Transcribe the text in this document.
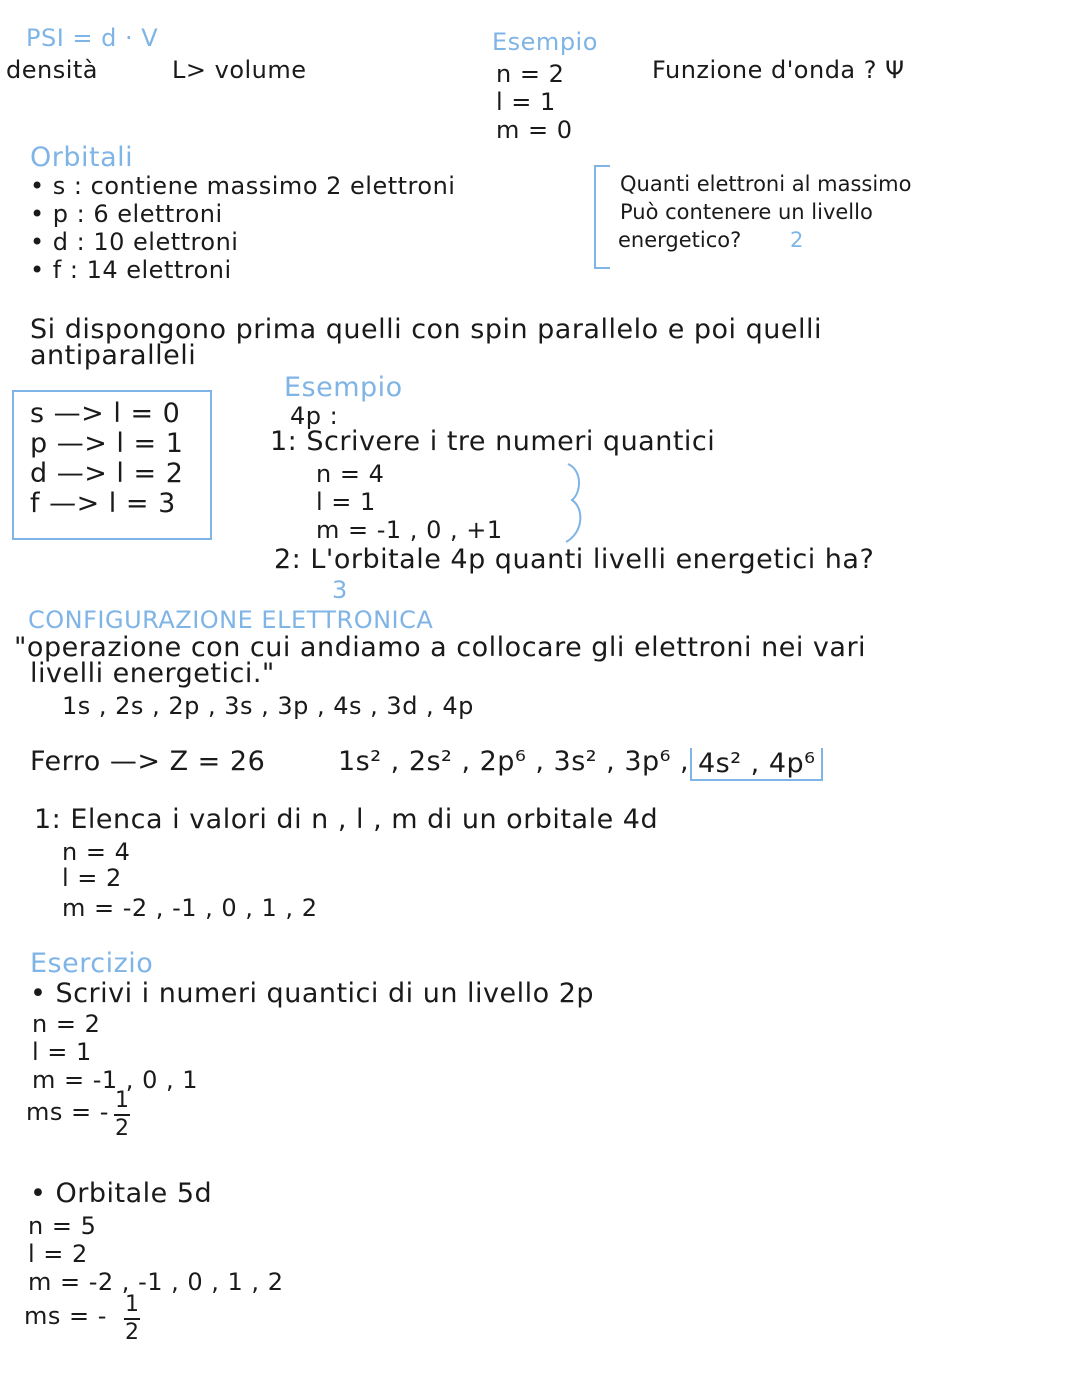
PSI = d · V
densità	L> volume
Esempio
n = 2
l = 1
m = 0
Funzione d'onda ? Ψ
Orbitali
• s : contiene massimo 2 elettroni
• p : 6 elettroni
• d : 10 elettroni
• f : 14 elettroni
Quanti elettroni al massimo
Può contenere un livello
energetico? 2
Si dispongono prima quelli con spin parallelo e poi quelli
antiparalleli
s —> l = 0
p —> l = 1
d —> l = 2
f —> l = 3
Esempio
4p :
1: Scrivere i tre numeri quantici
n = 4
l = 1
m = -1 , 0 , +1
2: L'orbitale 4p quanti livelli energetici ha?
3
CONFIGURAZIONE ELETTRONICA
"operazione con cui andiamo a collocare gli elettroni nei vari
livelli energetici."
1s , 2s , 2p , 3s , 3p , 4s , 3d , 4p
Ferro —> Z = 26	1s² , 2s² , 2p⁶ , 3s² , 3p⁶ , 4s² , 4p⁶
1: Elenca i valori di n , l , m di un orbitale 4d
n = 4
l = 2
m = -2 , -1 , 0 , 1 , 2
Esercizio
• Scrivi i numeri quantici di un livello 2p
n = 2
l = 1
m = -1 , 0 , 1
ms = - 1
2
• Orbitale 5d
n = 5
l = 2
m = -2 , -1 , 0 , 1 , 2
ms = - 1
2
